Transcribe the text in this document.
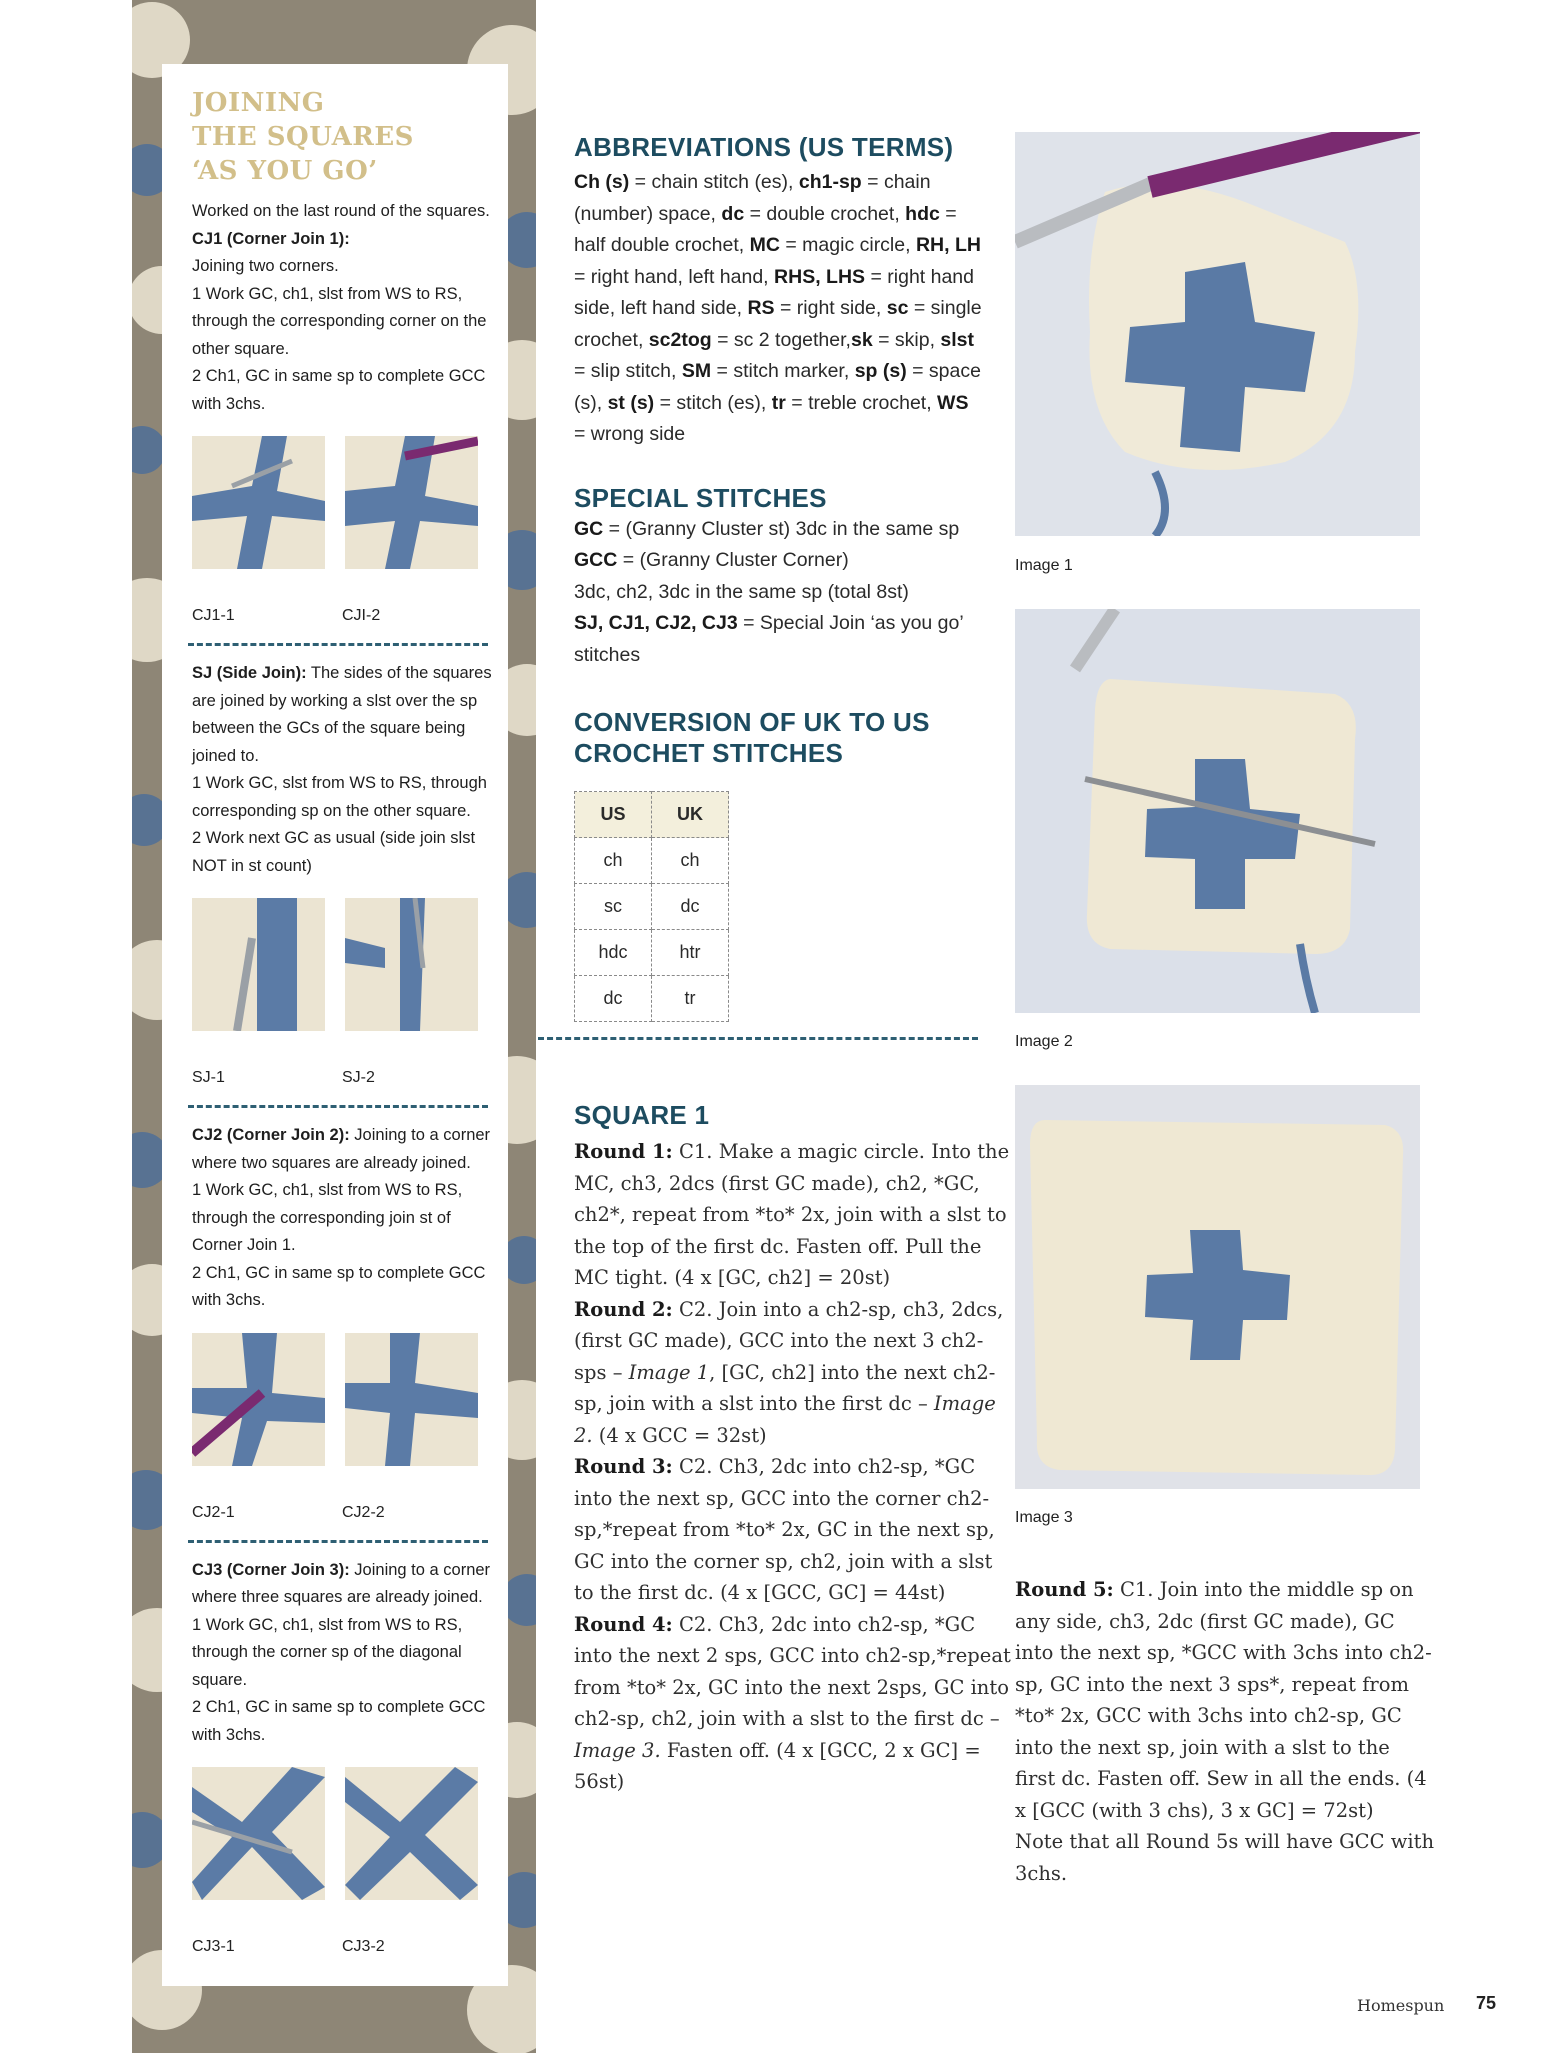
JOINING
THE SQUARES
‘AS YOU GO’
Worked on the last round of the squares.
CJ1 (Corner Join 1):
Joining two corners.
1 Work GC, ch1, slst from WS to RS, through the corresponding corner on the other square.
2 Ch1, GC in same sp to complete GCC with 3chs.
CJ1-1	CJI-2
SJ (Side Join): The sides of the squares are joined by working a slst over the sp between the GCs of the square being joined to.
1 Work GC, slst from WS to RS, through corresponding sp on the other square.
2 Work next GC as usual (side join slst NOT in st count)
SJ-1	SJ-2
CJ2 (Corner Join 2): Joining to a corner where two squares are already joined.
1 Work GC, ch1, slst from WS to RS, through the corresponding join st of Corner Join 1.
2 Ch1, GC in same sp to complete GCC with 3chs.
CJ2-1	CJ2-2
CJ3 (Corner Join 3): Joining to a corner where three squares are already joined.
1 Work GC, ch1, slst from WS to RS, through the corner sp of the diagonal square.
2 Ch1, GC in same sp to complete GCC with 3chs.
CJ3-1	CJ3-2
ABBREVIATIONS (US TERMS)
Ch (s) = chain stitch (es), ch1-sp = chain (number) space, dc = double crochet, hdc = half double crochet, MC = magic circle, RH, LH = right hand, left hand, RHS, LHS = right hand side, left hand side, RS = right side, sc = single crochet, sc2tog = sc 2 together,sk = skip, slst = slip stitch, SM = stitch marker, sp (s) = space (s), st (s) = stitch (es), tr = treble crochet, WS = wrong side
SPECIAL STITCHES
GC = (Granny Cluster st) 3dc in the same sp
GCC = (Granny Cluster Corner)
3dc, ch2, 3dc in the same sp (total 8st)
SJ, CJ1, CJ2, CJ3 = Special Join ‘as you go’ stitches
CONVERSION OF UK TO US
CROCHET STITCHES
US	UK
ch	ch
sc	dc
hdc	htr
dc	tr
SQUARE 1
Round 1: C1. Make a magic circle. Into the MC, ch3, 2dcs (first GC made), ch2, *GC, ch2*, repeat from *to* 2x, join with a slst to the top of the first dc. Fasten off. Pull the MC tight. (4 x [GC, ch2] = 20st)
Round 2: C2. Join into a ch2-sp, ch3, 2dcs, (first GC made), GCC into the next 3 ch2-sps – Image 1, [GC, ch2] into the next ch2-sp, join with a slst into the first dc – Image 2. (4 x GCC = 32st)
Round 3: C2. Ch3, 2dc into ch2-sp, *GC into the next sp, GCC into the corner ch2-sp,*repeat from *to* 2x, GC in the next sp, GC into the corner sp, ch2, join with a slst to the first dc. (4 x [GCC, GC] = 44st)
Round 4: C2. Ch3, 2dc into ch2-sp, *GC into the next 2 sps, GCC into ch2-sp,*repeat from *to* 2x, GC into the next 2sps, GC into ch2-sp, ch2, join with a slst to the first dc – Image 3. Fasten off. (4 x [GCC, 2 x GC] = 56st)
Round 5: C1. Join into the middle sp on any side, ch3, 2dc (first GC made), GC into the next sp, *GCC with 3chs into ch2-sp, GC into the next 3 sps*, repeat from *to* 2x, GCC with 3chs into ch2-sp, GC into the next sp, join with a slst to the first dc. Fasten off. Sew in all the ends. (4 x [GCC (with 3 chs), 3 x GC] = 72st)
Note that all Round 5s will have GCC with 3chs.
Image 1
Image 2
Image 3
Homespun 75
